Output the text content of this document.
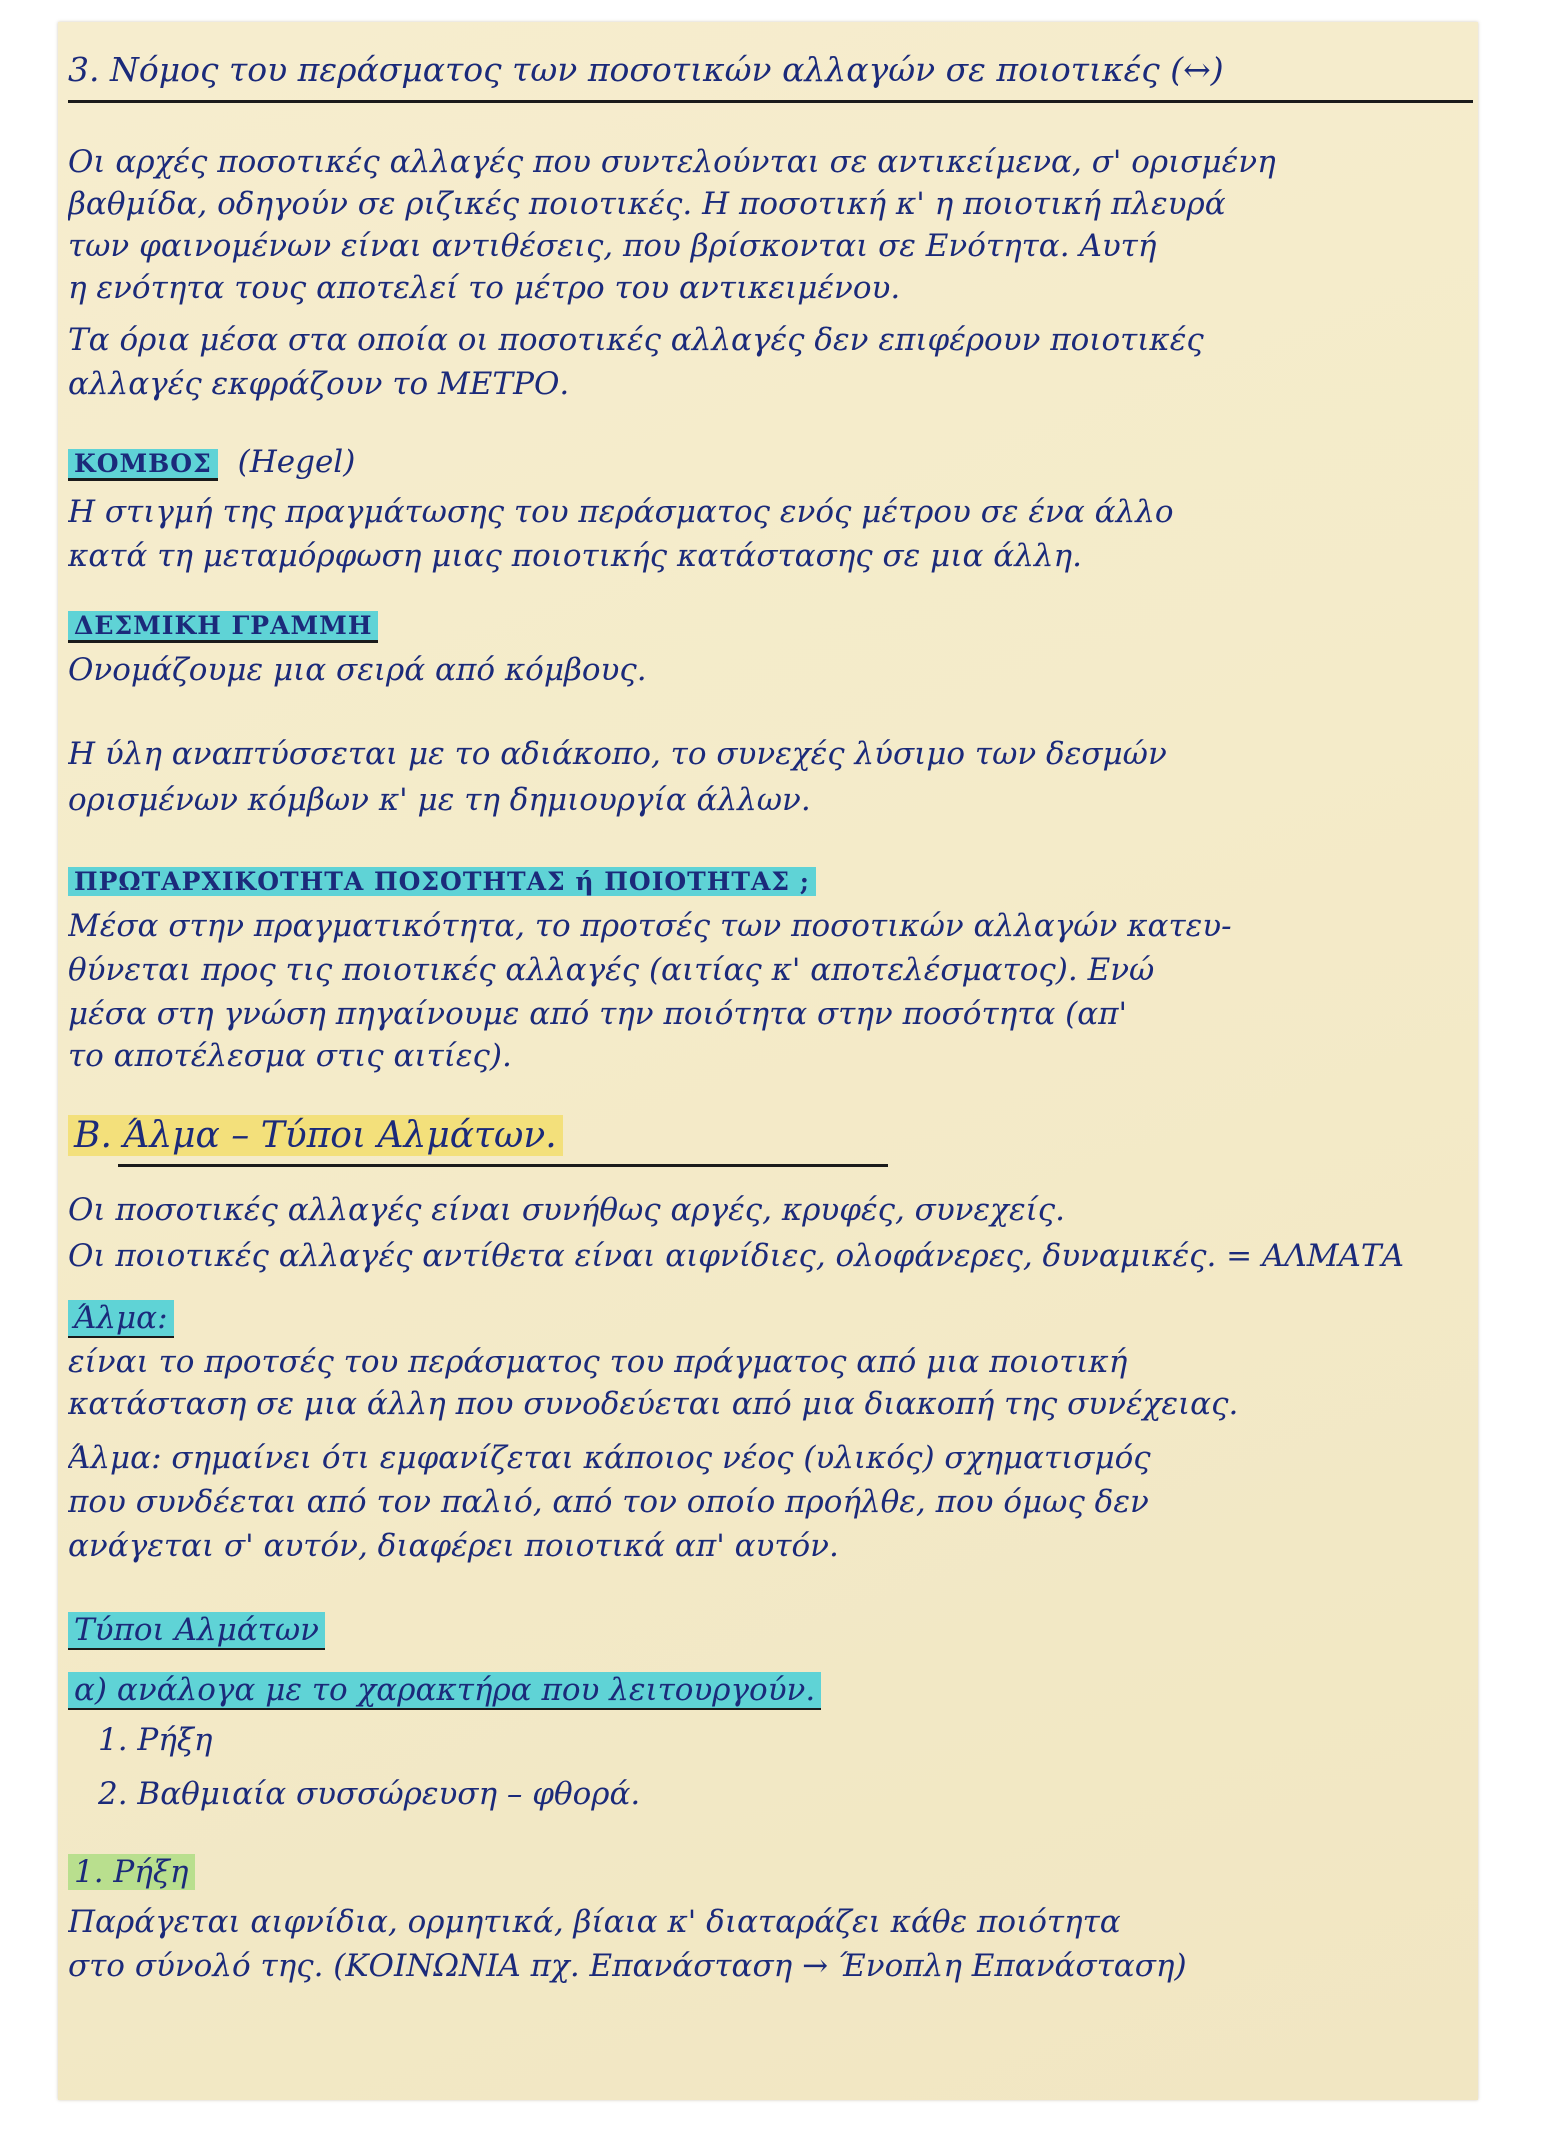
3. Νόμος του περάσματος των ποσοτικών αλλαγών σε ποιοτικές (↔)
Οι αρχές ποσοτικές αλλαγές που συντελούνται σε αντικείμενα, σ' ορισμένη
βαθμίδα, οδηγούν σε ριζικές ποιοτικές. Η ποσοτική κ' η ποιοτική πλευρά
των φαινομένων είναι αντιθέσεις, που βρίσκονται σε Ενότητα. Αυτή
η ενότητα τους αποτελεί το μέτρο του αντικειμένου.
Τα όρια μέσα στα οποία οι ποσοτικές αλλαγές δεν επιφέρουν ποιοτικές
αλλαγές εκφράζουν το ΜΕΤΡΟ.
ΚΟΜΒΟΣ (Hegel)
Η στιγμή της πραγμάτωσης του περάσματος ενός μέτρου σε ένα άλλο
κατά τη μεταμόρφωση μιας ποιοτικής κατάστασης σε μια άλλη.
ΔΕΣΜΙΚΗ ΓΡΑΜΜΗ
Ονομάζουμε μια σειρά από κόμβους.
Η ύλη αναπτύσσεται με το αδιάκοπο, το συνεχές λύσιμο των δεσμών
ορισμένων κόμβων κ' με τη δημιουργία άλλων.
ΠΡΩΤΑΡΧΙΚΟΤΗΤΑ ΠΟΣΟΤΗΤΑΣ ή ΠΟΙΟΤΗΤΑΣ ;
Μέσα στην πραγματικότητα, το προτσές των ποσοτικών αλλαγών κατευ-
θύνεται προς τις ποιοτικές αλλαγές (αιτίας κ' αποτελέσματος). Ενώ
μέσα στη γνώση πηγαίνουμε από την ποιότητα στην ποσότητα (απ'
το αποτέλεσμα στις αιτίες).
Β. Άλμα – Τύποι Αλμάτων.
Οι ποσοτικές αλλαγές είναι συνήθως αργές, κρυφές, συνεχείς.
Οι ποιοτικές αλλαγές αντίθετα είναι αιφνίδιες, ολοφάνερες, δυναμικές. = ΑΛΜΑΤΑ
Άλμα:
είναι το προτσές του περάσματος του πράγματος από μια ποιοτική
κατάσταση σε μια άλλη που συνοδεύεται από μια διακοπή της συνέχειας.
Άλμα: σημαίνει ότι εμφανίζεται κάποιος νέος (υλικός) σχηματισμός
που συνδέεται από τον παλιό, από τον οποίο προήλθε, που όμως δεν
ανάγεται σ' αυτόν, διαφέρει ποιοτικά απ' αυτόν.
Τύποι Αλμάτων
α) ανάλογα με το χαρακτήρα που λειτουργούν.
1. Ρήξη
2. Βαθμιαία συσσώρευση – φθορά.
1. Ρήξη
Παράγεται αιφνίδια, ορμητικά, βίαια κ' διαταράζει κάθε ποιότητα
στο σύνολό της. (ΚΟΙΝΩΝΙΑ πχ. Επανάσταση → Ένοπλη Επανάσταση)
